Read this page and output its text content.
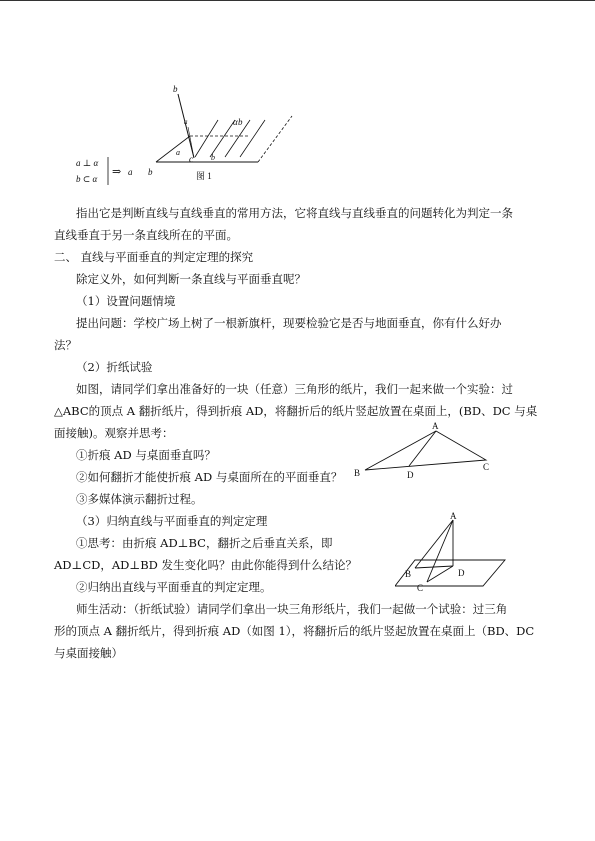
b
a	α b
a
c b
b
a ⊥ α
b ⊂ α
⇒ a	图 1
指出它是判断直线与直线垂直的常用方法，它将直线与直线垂直的问题转化为判定一条
直线垂直于另一条直线所在的平面。
二、 直线与平面垂直的判定定理的探究
除定义外，如何判断一条直线与平面垂直呢？
（1）设置问题情境
提出问题：学校广场上树了一根新旗杆，现要检验它是否与地面垂直，你有什么好办
法？
（2）折纸试验
如图，请同学们拿出准备好的一块（任意）三角形的纸片，我们一起来做一个实验：过
△ABC的顶点 A 翻折纸片，得到折痕 AD，将翻折后的纸片竖起放置在桌面上，(BD、DC 与桌
面接触)。观察并思考：
①折痕 AD 与桌面垂直吗？
②如何翻折才能使折痕 AD 与桌面所在的平面垂直？
③多媒体演示翻折过程。
A
B	D
C
（3）归纳直线与平面垂直的判定定理
①思考：由折痕 AD⊥BC，翻折之后垂直关系，即
AD⊥CD，AD⊥BD 发生变化吗？由此你能得到什么结论？
②归纳出直线与平面垂直的判定定理。
A
B	D
C
师生活动：（折纸试验）请同学们拿出一块三角形纸片，我们一起做一个试验：过三角
形的顶点 A 翻折纸片，得到折痕 AD（如图 1），将翻折后的纸片竖起放置在桌面上（BD、DC
与桌面接触）
